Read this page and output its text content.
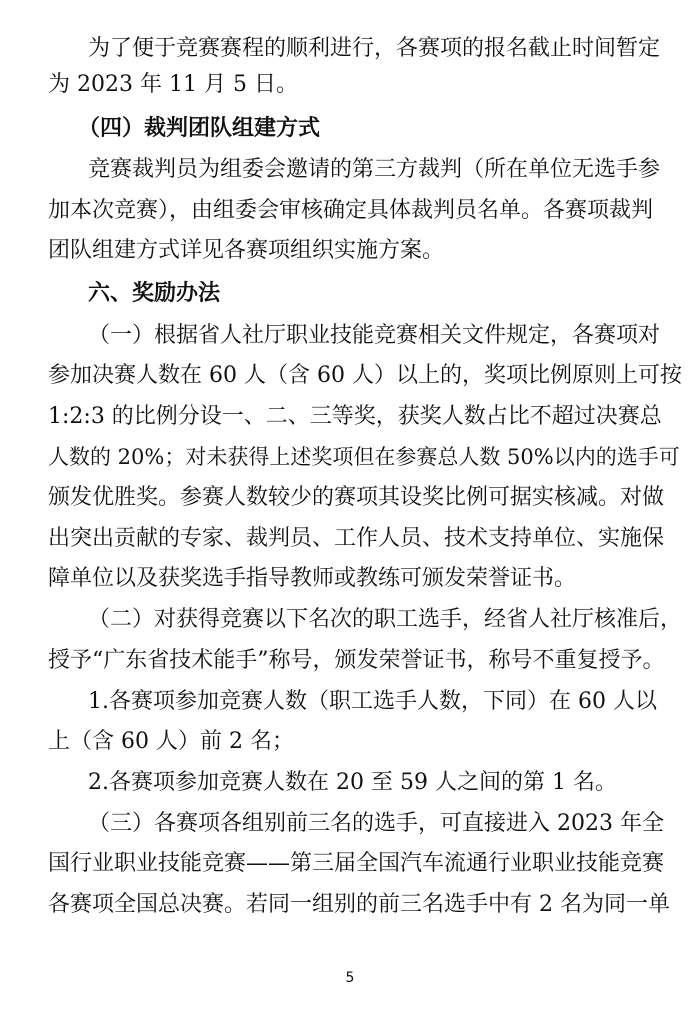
为了便于竞赛赛程的顺利进行，各赛项的报名截止时间暂定
为 2023 年 11 月 5 日。
（四）裁判团队组建方式
竞赛裁判员为组委会邀请的第三方裁判（所在单位无选手参
加本次竞赛），由组委会审核确定具体裁判员名单。各赛项裁判
团队组建方式详见各赛项组织实施方案。
六、奖励办法
（一）根据省人社厅职业技能竞赛相关文件规定，各赛项对
参加决赛人数在 60 人（含 60 人）以上的，奖项比例原则上可按
1:2:3 的比例分设一、二、三等奖，获奖人数占比不超过决赛总
人数的 20%；对未获得上述奖项但在参赛总人数 50%以内的选手可
颁发优胜奖。参赛人数较少的赛项其设奖比例可据实核减。对做
出突出贡献的专家、裁判员、工作人员、技术支持单位、实施保
障单位以及获奖选手指导教师或教练可颁发荣誉证书。
（二）对获得竞赛以下名次的职工选手，经省人社厅核准后，
授予“广东省技术能手”称号，颁发荣誉证书，称号不重复授予。
1.各赛项参加竞赛人数（职工选手人数，下同）在 60 人以
上（含 60 人）前 2 名；
2.各赛项参加竞赛人数在 20 至 59 人之间的第 1 名。
（三）各赛项各组别前三名的选手，可直接进入 2023 年全
国行业职业技能竞赛——第三届全国汽车流通行业职业技能竞赛
各赛项全国总决赛。若同一组别的前三名选手中有 2 名为同一单
5
